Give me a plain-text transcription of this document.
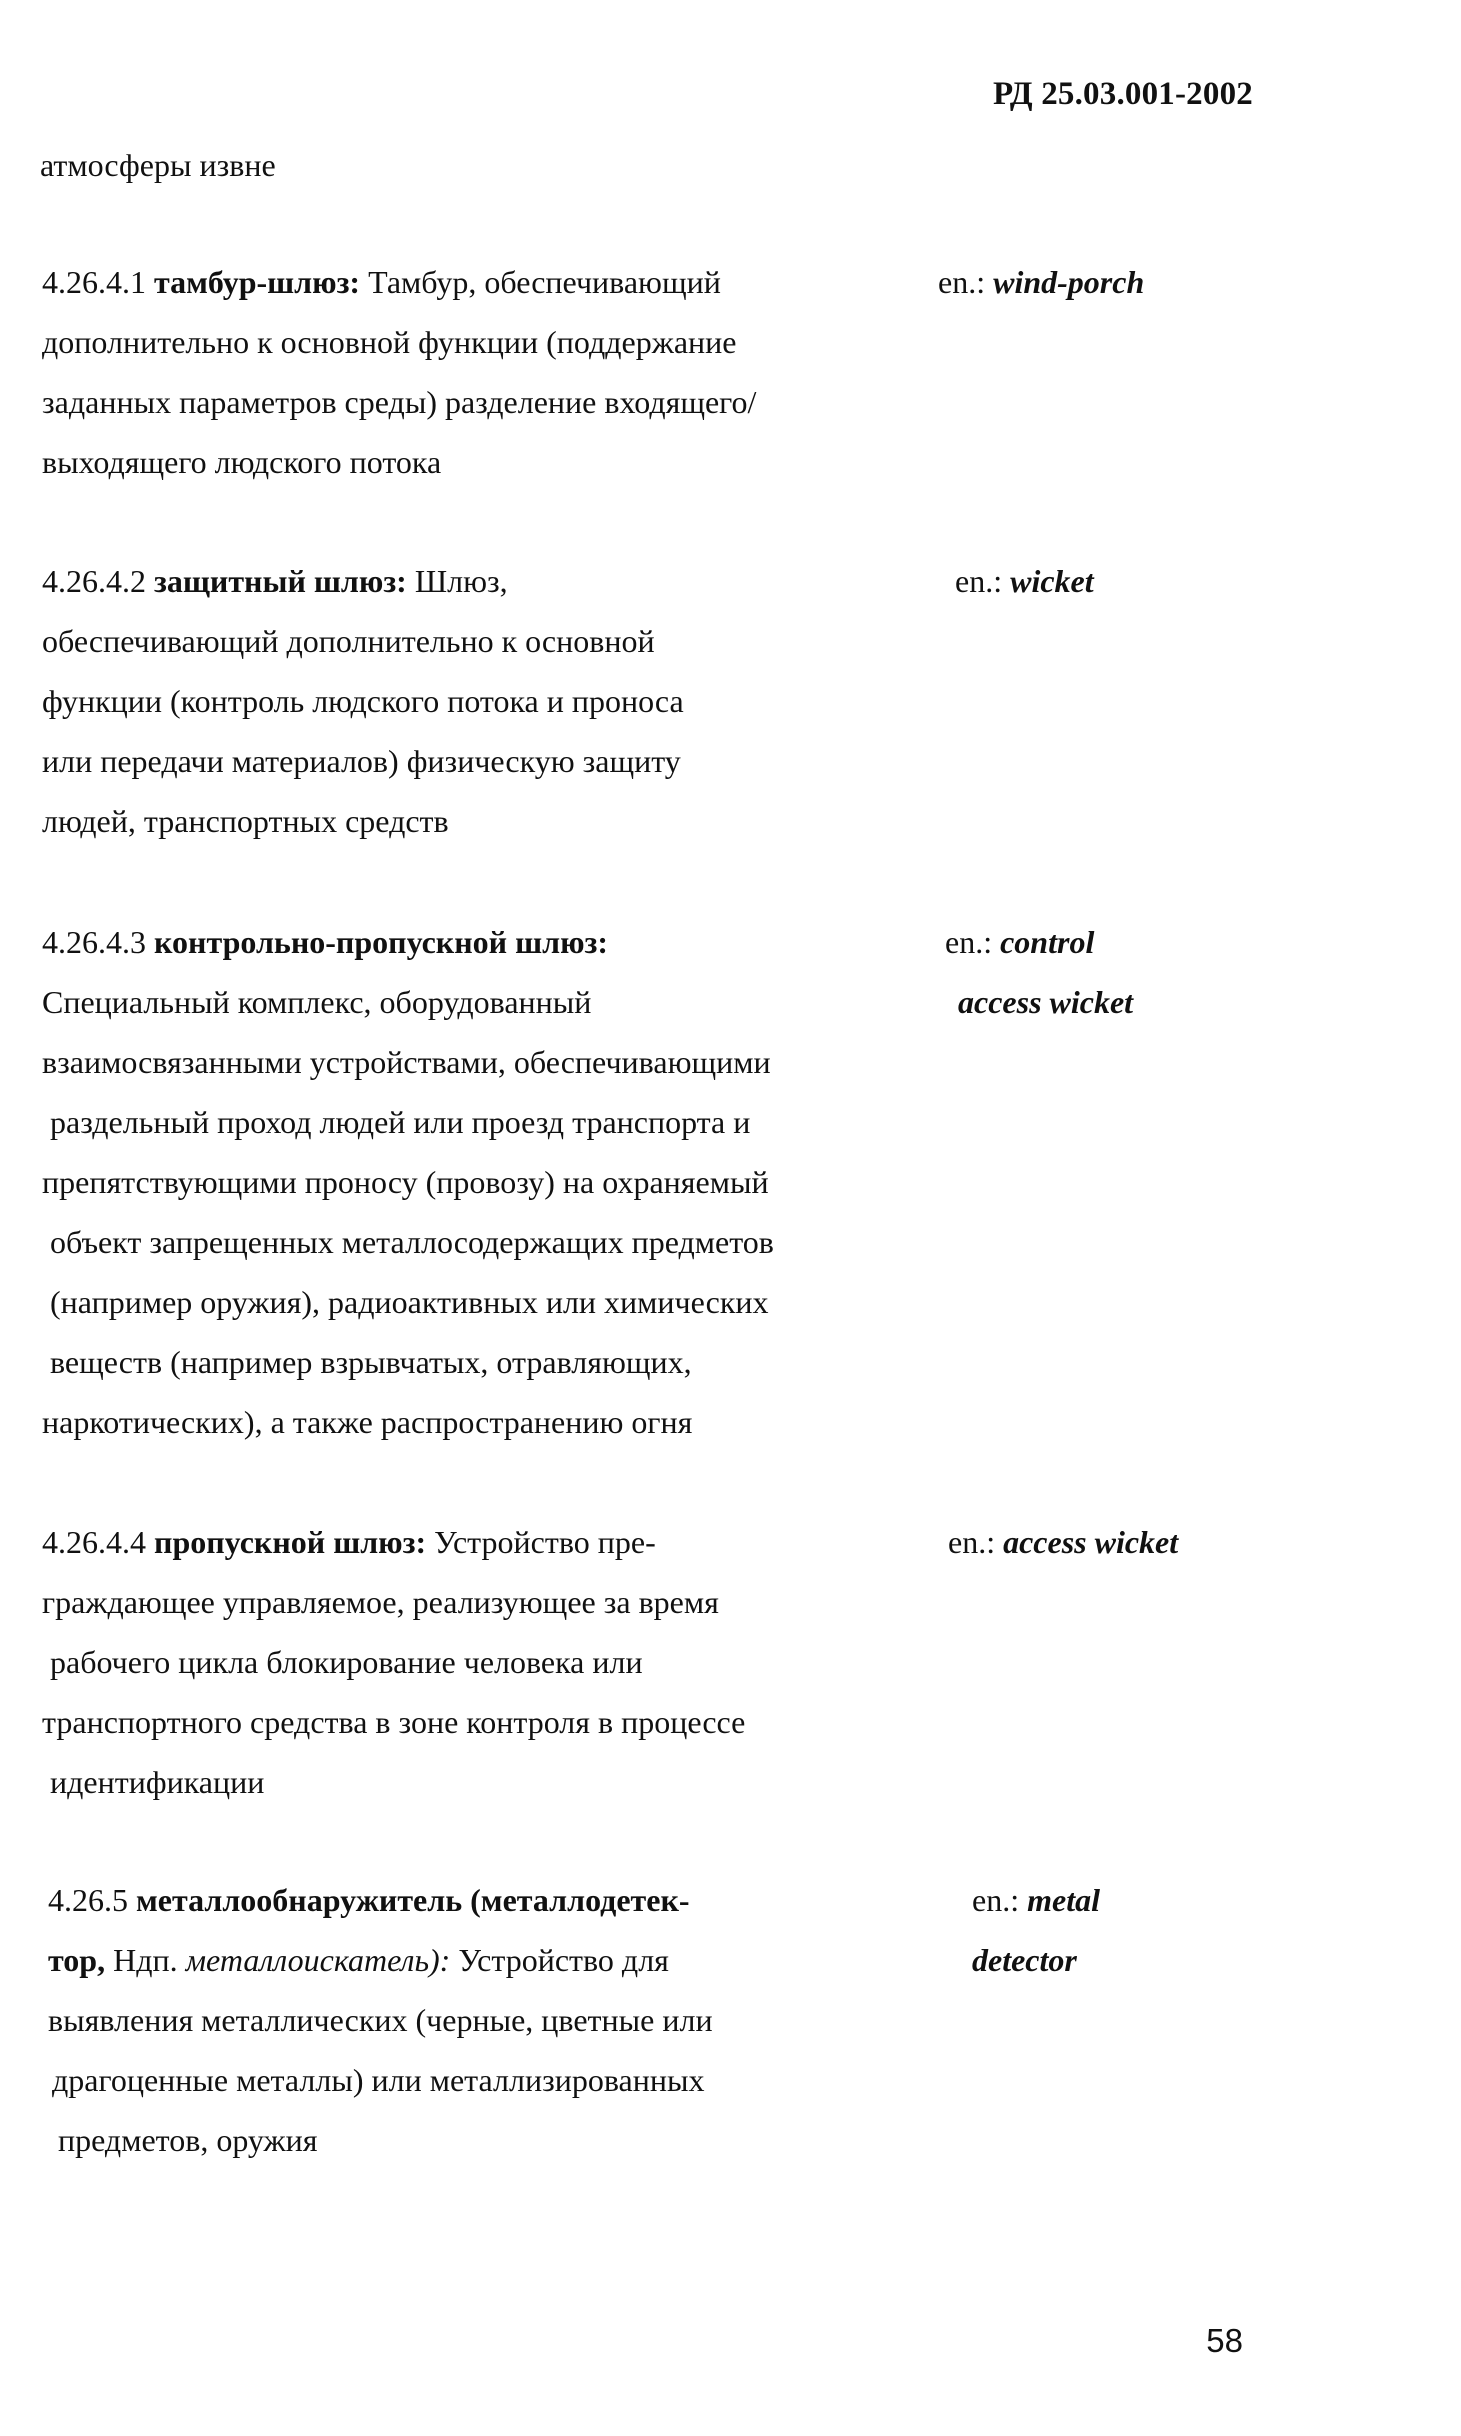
РД 25.03.001-2002
атмосферы извне
4.26.4.1 тамбур-шлюз: Тамбур, обеспечивающий
дополнительно к основной функции (поддержание
заданных параметров среды) разделение входящего/
выходящего людского потока
en.: wind-porch
4.26.4.2 защитный шлюз: Шлюз,
обеспечивающий дополнительно к основной
функции (контроль людского потока и проноса
или передачи материалов) физическую защиту
людей, транспортных средств
en.: wicket
4.26.4.3 контрольно-пропускной шлюз:
Специальный комплекс, оборудованный
взаимосвязанными устройствами, обеспечивающими
раздельный проход людей или проезд транспорта и
препятствующими проносу (провозу) на охраняемый
объект запрещенных металлосодержащих предметов
(например оружия), радиоактивных или химических
веществ (например взрывчатых, отравляющих,
наркотических), а также распространению огня
en.: control
access wicket
4.26.4.4 пропускной шлюз: Устройство пре-
граждающее управляемое, реализующее за время
рабочего цикла блокирование человека или
транспортного средства в зоне контроля в процессе
идентификации
en.: access wicket
4.26.5 металлообнаружитель (металлодетек-
тор, Ндп. металлоискатель): Устройство для
выявления металлических (черные, цветные или
драгоценные металлы) или металлизированных
предметов, оружия
en.: metal
detector
58
